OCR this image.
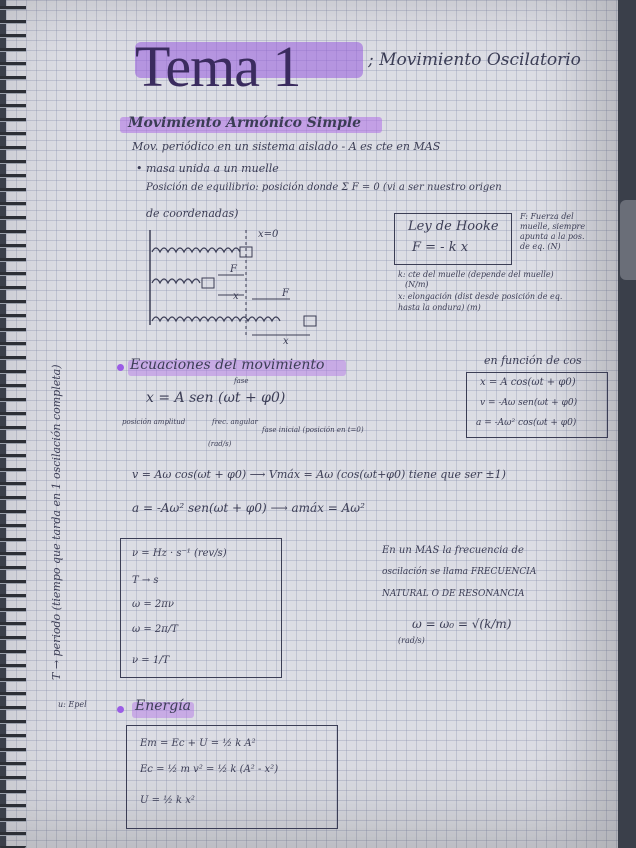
Tema 1	; Movimiento Oscilatorio
Movimiento Armónico Simple
Mov. periódico en un sistema aislado - A es cte en MAS
• masa unida a un muelle
Posición de equilibrio: posición donde Σ F = 0 (vi a ser nuestro origen
de coordenadas)
x=0
F
x	F
x
Ley de Hooke
F = - k x
F: Fuerza del
muelle, siempre
apunta a la pos.
de eq. (N)
k: cte del muelle (depende del muelle)
(N/m)
x: elongación (dist desde posición de eq.
hasta la ondura) (m)
Ecuaciones del movimiento
x = A sen (ωt + φ0)
posición amplitud	frec. angular
fase inicial (posición en t=0)
(rad/s)
fase
en función de cos
x = A cos(ωt + φ0)
v = -Aω sen(ωt + φ0)
a = -Aω² cos(ωt + φ0)
v = Aω cos(ωt + φ0) ⟶ Vmáx = Aω (cos(ωt+φ0) tiene que ser ±1)
a = -Aω² sen(ωt + φ0) ⟶ amáx = Aω²
T → periodo (tiempo que tarda en 1 oscilación completa)	ν = Hz · s⁻¹ (rev/s)
T → s
ω = 2πν
ω = 2π/T
ν = 1/T
En un MAS la frecuencia de
oscilación se llama FRECUENCIA
NATURAL O DE RESONANCIA
ω = ω₀ = √(k/m)
(rad/s)
u: Epel	Energía
Em = Ec + U = ½ k A²
Ec = ½ m v² = ½ k (A² - x²)
U = ½ k x²
